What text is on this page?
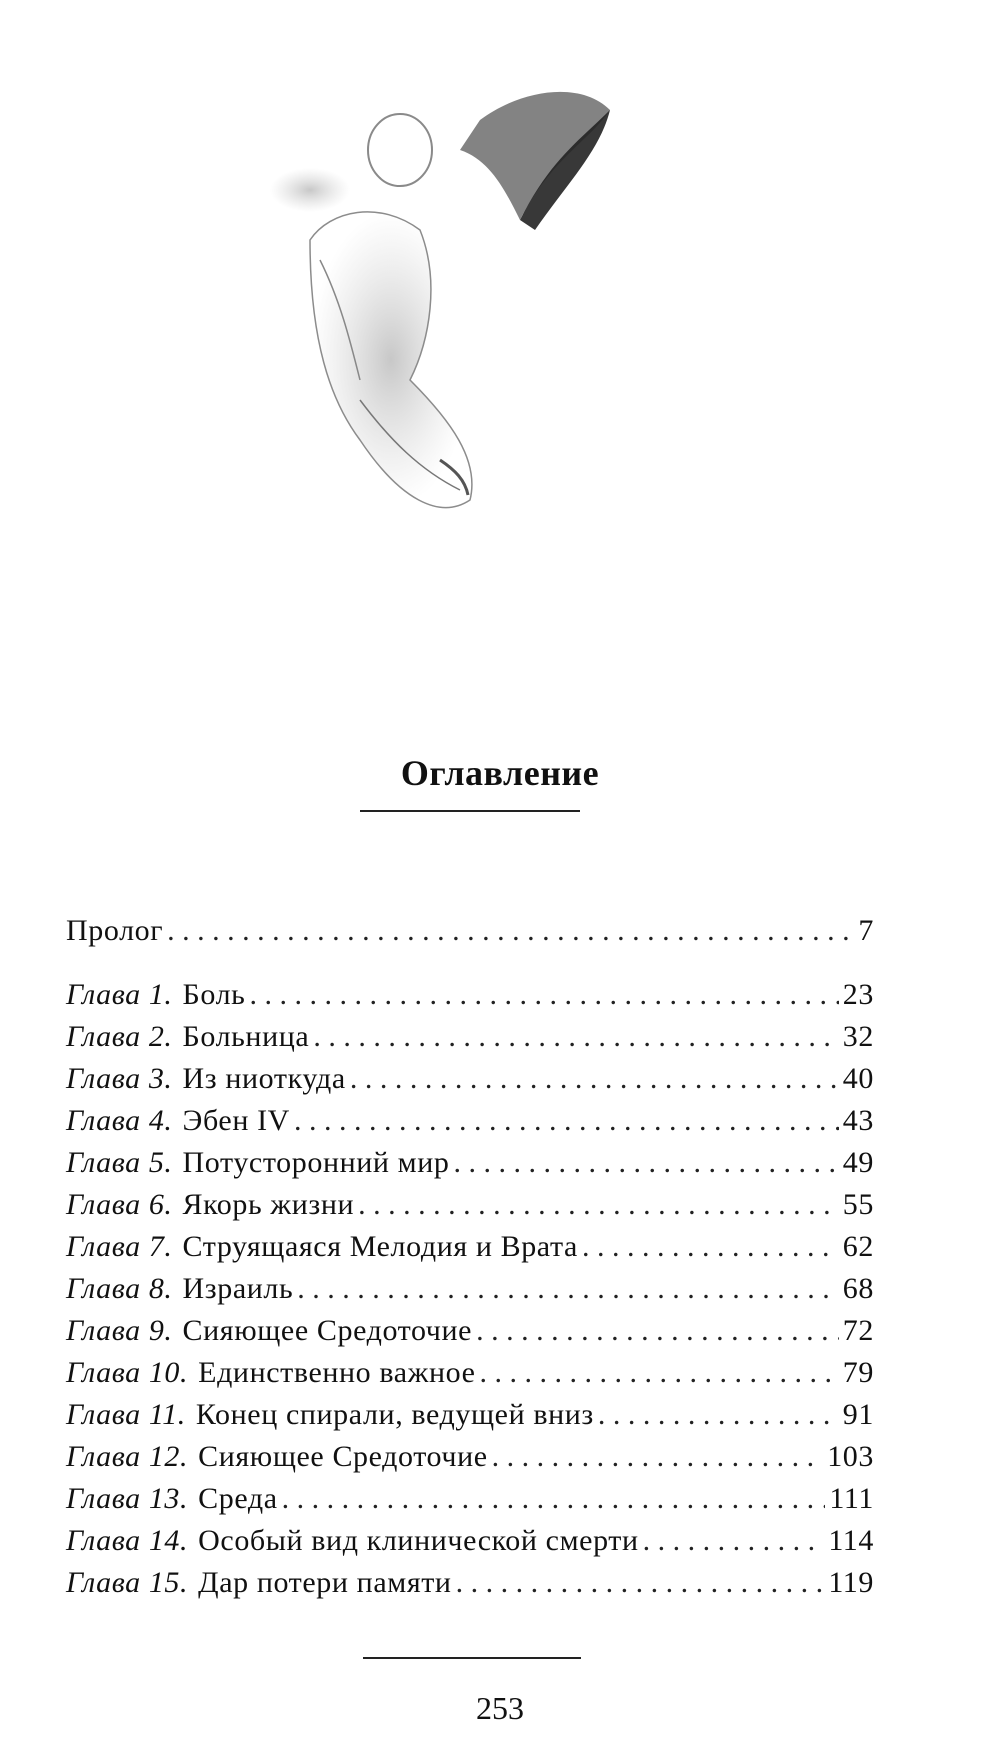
Оглавление
Пролог . . .	7
Глава 1. Боль . . .	23
Глава 2. Больница . . .	32
Глава 3. Из ниоткуда . . .	40
Глава 4. Эбен IV . . .	43
Глава 5. Потусторонний мир . . .	49
Глава 6. Якорь жизни . . .	55
Глава 7. Струящаяся Мелодия и Врата . . .	62
Глава 8. Израиль . . .	68
Глава 9. Сияющее Средоточие . . .	72
Глава 10. Единственно важное . . .	79
Глава 11. Конец спирали, ведущей вниз . . .	91
Глава 12. Сияющее Средоточие . . .	103
Глава 13. Среда . . .	111
Глава 14. Особый вид клинической смерти . . .	114
Глава 15. Дар потери памяти . . .	119
253
